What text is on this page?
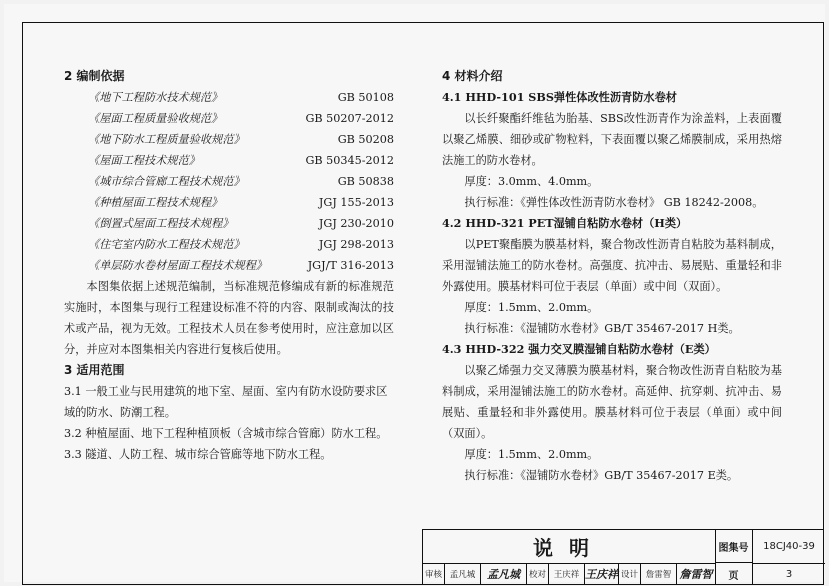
2 编制依据
《地下工程防水技术规范》	GB 50108
《屋面工程质量验收规范》	GB 50207-2012
《地下防水工程质量验收规范》	GB 50208
《屋面工程技术规范》	GB 50345-2012
《城市综合管廊工程技术规范》	GB 50838
《种植屋面工程技术规程》	JGJ 155-2013
《倒置式屋面工程技术规程》	JGJ 230-2010
《住宅室内防水工程技术规范》	JGJ 298-2013
《单层防水卷材屋面工程技术规程》	JGJ/T 316-2013
本图集依据上述规范编制，当标准规范修编成有新的标准规范实施时，本图集与现行工程建设标准不符的内容、限制或淘汰的技术或产品，视为无效。工程技术人员在参考使用时，应注意加以区分，并应对本图集相关内容进行复核后使用。
3 适用范围
3.1 一般工业与民用建筑的地下室、屋面、室内有防水设防要求区域的防水、防潮工程。
3.2 种植屋面、地下工程种植顶板（含城市综合管廊）防水工程。
3.3 隧道、人防工程、城市综合管廊等地下防水工程。
4 材料介绍
4.1 HHD-101 SBS弹性体改性沥青防水卷材
以长纤聚酯纤维毡为胎基、SBS改性沥青作为涂盖料，上表面覆以聚乙烯膜、细砂或矿物粒料，下表面覆以聚乙烯膜制成，采用热熔法施工的防水卷材。
厚度：3.0mm、4.0mm。
执行标准：《弹性体改性沥青防水卷材》 GB 18242-2008。
4.2 HHD-321 PET湿铺自粘防水卷材（H类）
以PET聚酯膜为膜基材料，聚合物改性沥青自粘胶为基料制成，采用湿铺法施工的防水卷材。高强度、抗冲击、易展贴、重量轻和非外露使用。膜基材料可位于表层（单面）或中间（双面）。
厚度：1.5mm、2.0mm。
执行标准：《湿铺防水卷材》GB/T 35467-2017 H类。
4.3 HHD-322 强力交叉膜湿铺自粘防水卷材（E类）
以聚乙烯强力交叉薄膜为膜基材料，聚合物改性沥青自粘胶为基料制成，采用湿铺法施工的防水卷材。高延伸、抗穿刺、抗冲击、易展贴、重量轻和非外露使用。膜基材料可位于表层（单面）或中间（双面）。
厚度：1.5mm、2.0mm。
执行标准：《湿铺防水卷材》GB/T 35467-2017 E类。
说明	图集号	18CJ40-39
审核 孟凡城	孟凡城	校对 王庆祥 王庆祥 设计 詹雷智 詹雷智	页	3
